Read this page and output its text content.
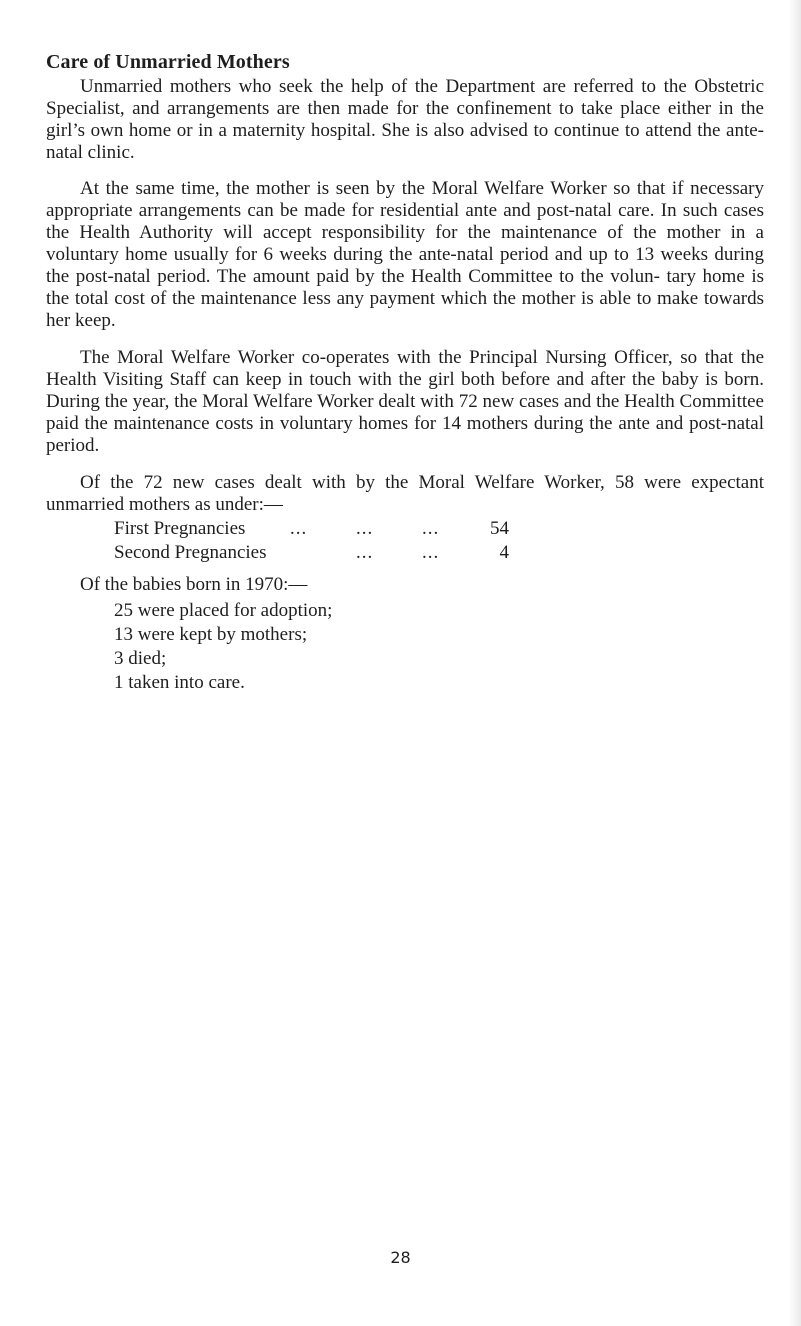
Care of Unmarried Mothers

Unmarried mothers who seek the help of the Department are referred to the Obstetric Specialist, and arrangements are then made for the confinement to take place either in the girl’s own home or in a maternity hospital. She is also advised to continue to attend the ante-natal clinic.

At the same time, the mother is seen by the Moral Welfare Worker so that if necessary appropriate arrangements can be made for residential ante and post-natal care. In such cases the Health Authority will accept responsibility for the maintenance of the mother in a voluntary home usually for 6 weeks during the ante-natal period and up to 13 weeks during the post-natal period. The amount paid by the Health Committee to the volun- tary home is the total cost of the maintenance less any payment which the mother is able to make towards her keep.

The Moral Welfare Worker co-operates with the Principal Nursing Officer, so that the Health Visiting Staff can keep in touch with the girl both before and after the baby is born. During the year, the Moral Welfare Worker dealt with 72 new cases and the Health Committee paid the maintenance costs in voluntary homes for 14 mothers during the ante and post-natal period.

Of the 72 new cases dealt with by the Moral Welfare Worker, 58 were expectant unmarried mothers as under:—

First Pregnancies ...	...	...	54
Second Pregnancies	...	...	4

Of the babies born in 1970:—

25 were placed for adoption;
13 were kept by mothers;
3 died;
1 taken into care.
28
